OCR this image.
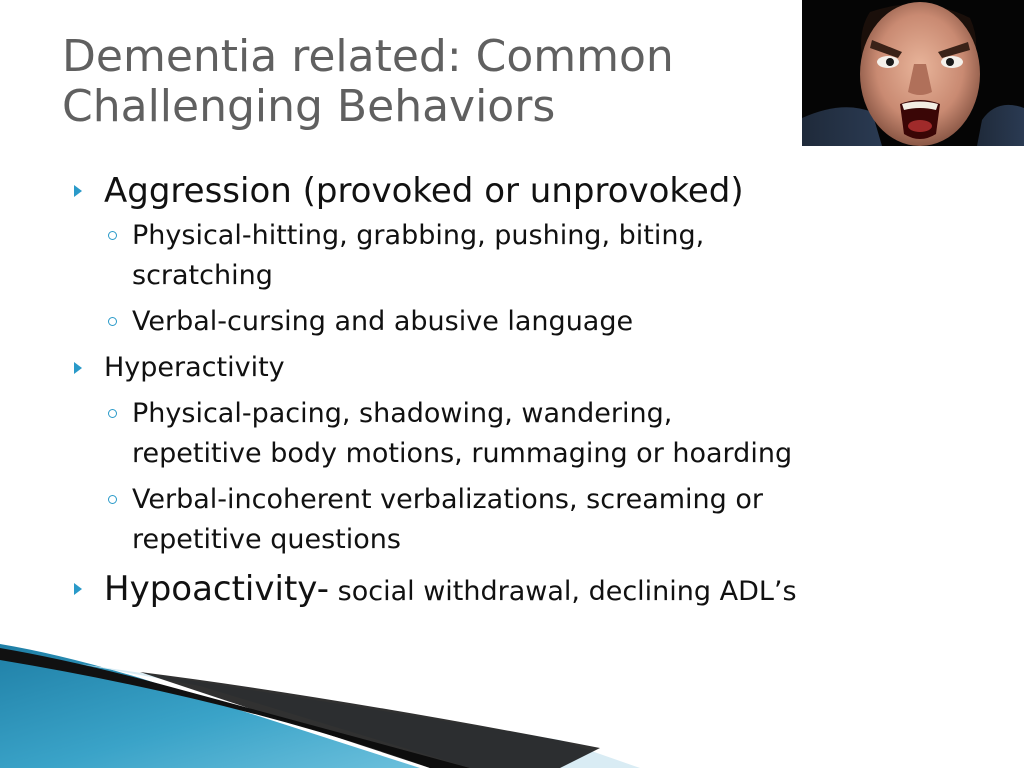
Dementia related: Common
Challenging Behaviors
Aggression (provoked or unprovoked)
Physical-hitting, grabbing, pushing, biting,
scratching
Verbal-cursing and abusive language
Hyperactivity
Physical-pacing, shadowing, wandering,
repetitive body motions, rummaging or hoarding
Verbal-incoherent verbalizations, screaming or
repetitive questions
Hypoactivity- social withdrawal, declining ADL’s
